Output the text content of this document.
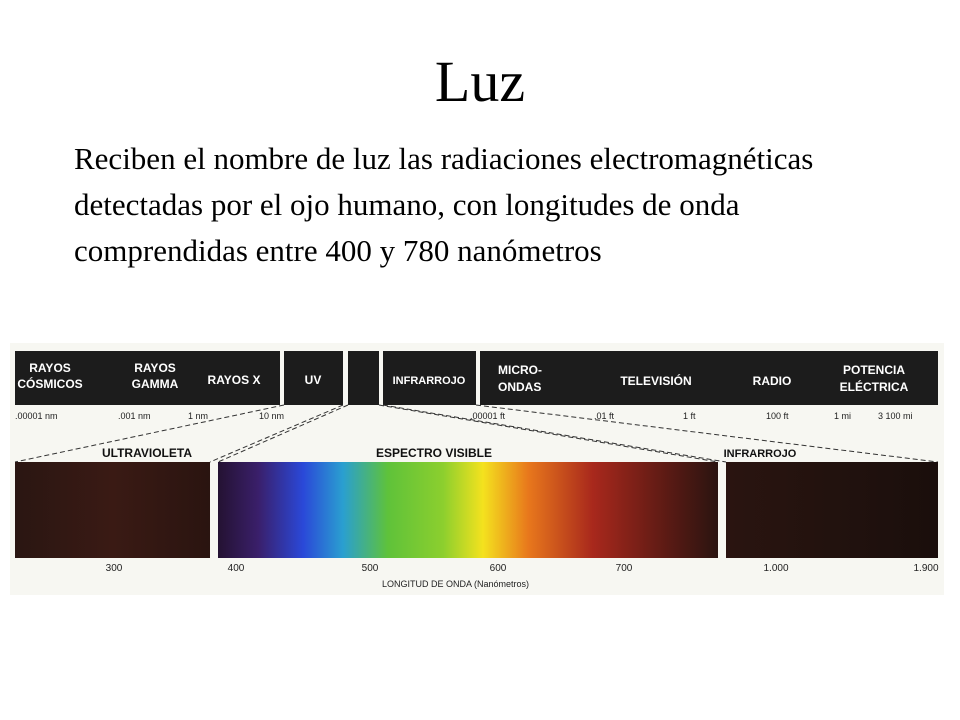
Luz
Reciben el nombre de luz las radiaciones electromagnéticas detectadas por el ojo humano, con longitudes de onda comprendidas entre 400 y 780 nanómetros
RAYOS
CÓSMICOS
RAYOS
GAMMA RAYOS X	UV	INFRARROJO
MICRO-
ONDAS	TELEVISIÓN	RADIO
POTENCIA
ELÉCTRICA
.00001 nm	.001 nm	1 nm	10 nm	.00001 ft	.01 ft	1 ft	100 ft	1 mi	3 100 mi
ULTRAVIOLETA	ESPECTRO VISIBLE	INFRARROJO
300	400	500	600	700	1.000	1.900
LONGITUD DE ONDA (Nanómetros)
